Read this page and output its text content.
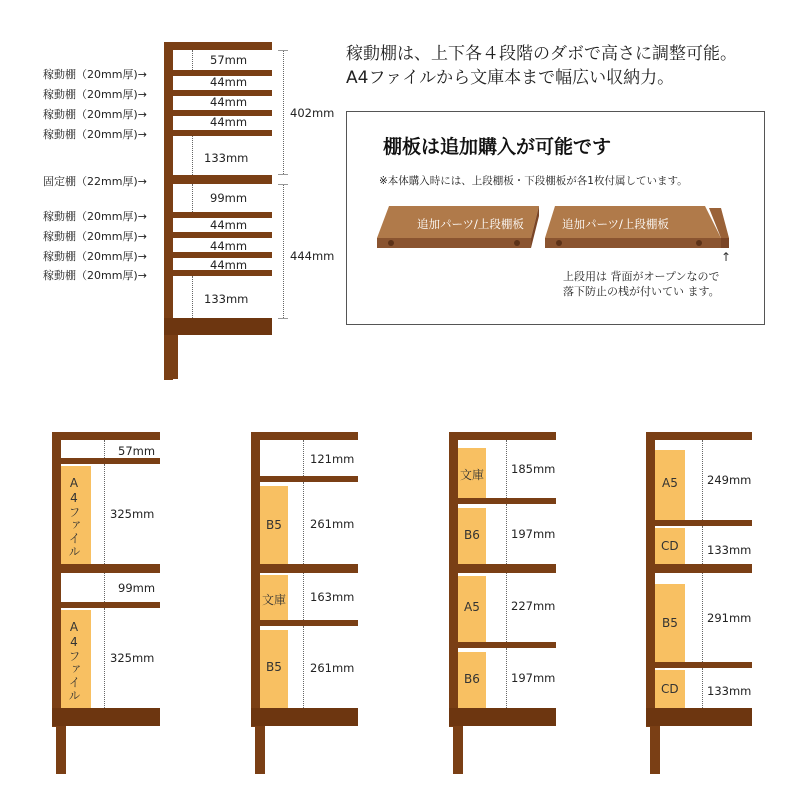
稼動棚（20mm厚)→
稼動棚（20mm厚)→
稼動棚（20mm厚)→
稼動棚（20mm厚)→
固定棚（22mm厚)→
稼動棚（20mm厚)→
稼動棚（20mm厚)→
稼動棚（20mm厚)→
稼動棚（20mm厚)→
57mm
44mm
44mm
44mm
133mm
99mm
44mm
44mm
44mm
133mm
402mm
444mm
稼動棚は、上下各４段階のダボで高さに調整可能。
A4ファイルから文庫本まで幅広い収納力。
棚板は追加購入が可能です
※本体購入時には、上段棚板・下段棚板が各1枚付属しています。
追加パーツ/上段棚板	追加パーツ/上段棚板
↑
上段用は 背面がオープンなので
落下防止の桟が付いてい ます。
A4ファイル
A4ファイル
57mm
325mm
99mm
325mm
B5
文庫
B5
121mm
261mm
163mm
261mm
文庫
B6
A5
B6
185mm
197mm
227mm
197mm
A5
CD
B5
CD
249mm
133mm
291mm
133mm
